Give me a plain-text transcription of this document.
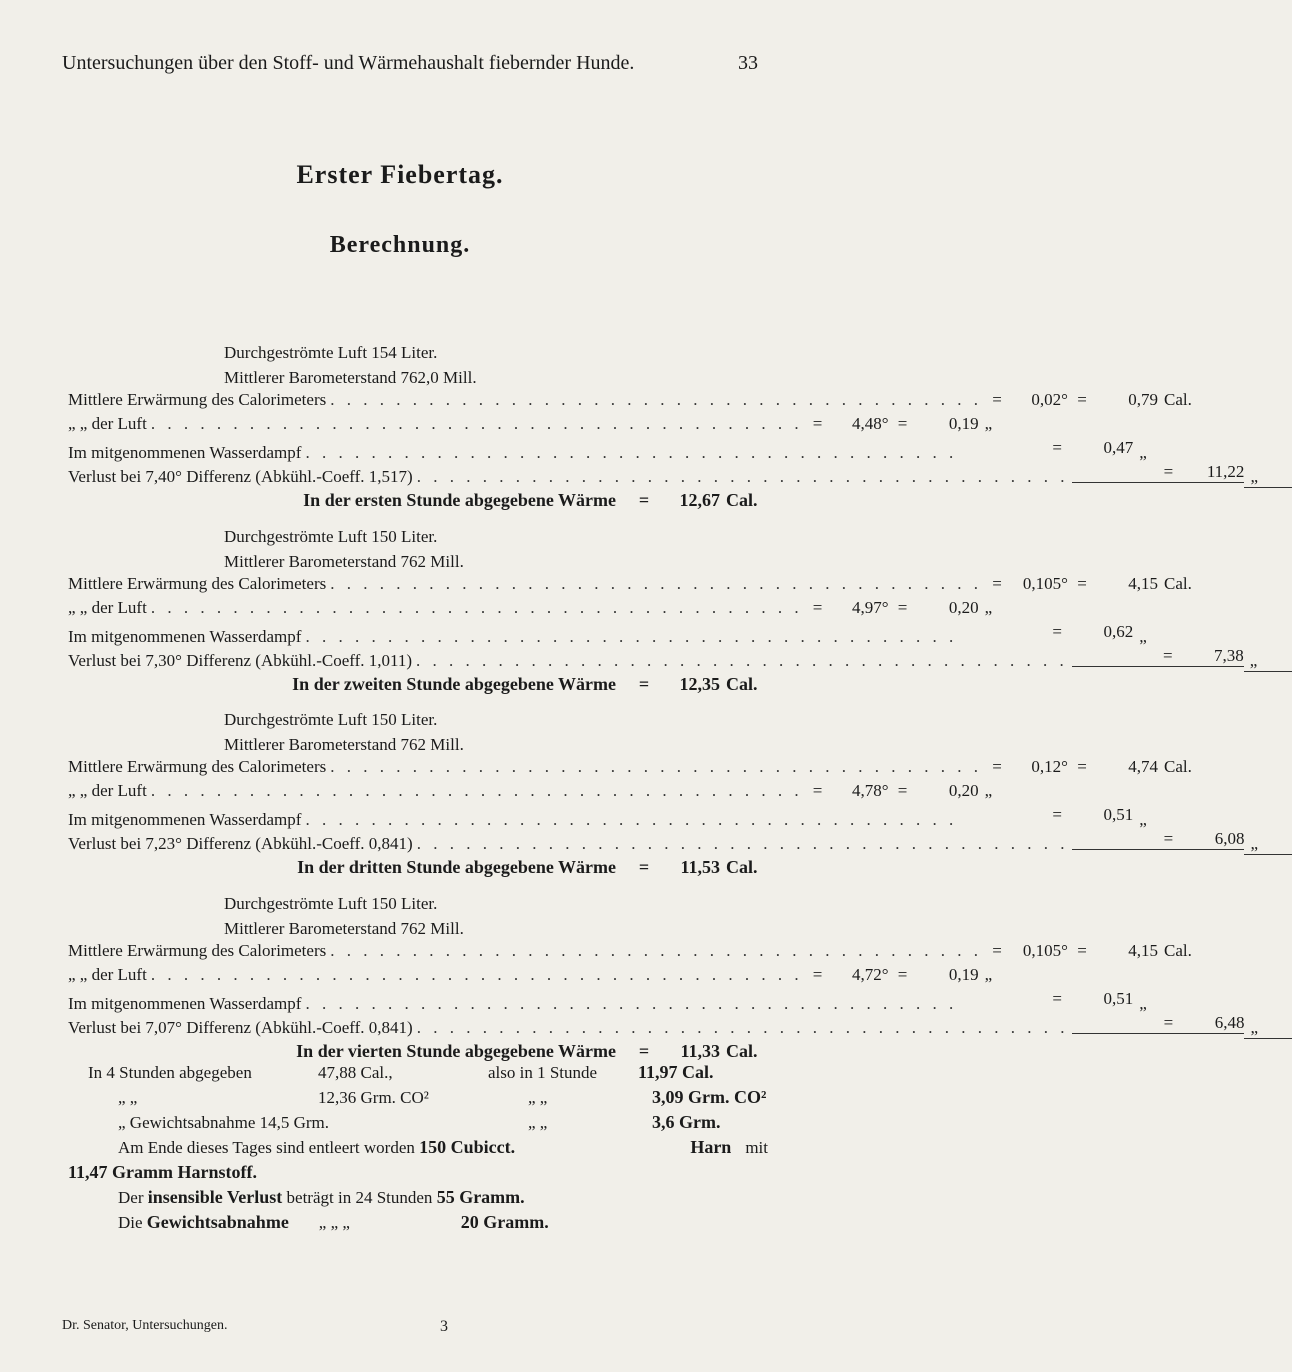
Untersuchungen über den Stoff- und Wärmehaushalt fiebernder Hunde.	33
Erster Fiebertag.
Berechnung.
Durchgeströmte Luft 154 Liter.
Mittlerer Barometerstand 762,0 Mill.
Mittlere Erwärmung des Calorimeters . . . . . . . . . . . . . . . . . . . . . . . . . . . . . . . . . . . . . . . . =	0,02° =	0,79 Cal.
„ „ der Luft . . . . . . . . . . . . . . . . . . . . . . . . . . . . . . . . . . . . . . . . =	4,48° =	0,19 „
Im mitgenommenen Wasserdampf . . . . . . . . . . . . . . . . . . . . . . . . . . . . . . . . . . . . . . . .	=	0,47 „
Verlust bei 7,40° Differenz (Abkühl.-Coeff. 1,517) . . . . . . . . . . . . . . . . . . . . . . . . . . . . . . . . . . . . . . . .	=	11,22 „
In der ersten Stunde abgegebene Wärme	=	12,67 Cal.
Durchgeströmte Luft 150 Liter.
Mittlerer Barometerstand 762 Mill.
Mittlere Erwärmung des Calorimeters . . . . . . . . . . . . . . . . . . . . . . . . . . . . . . . . . . . . . . . . =	0,105° =	4,15 Cal.
„ „ der Luft . . . . . . . . . . . . . . . . . . . . . . . . . . . . . . . . . . . . . . . . =	4,97° =	0,20 „
Im mitgenommenen Wasserdampf . . . . . . . . . . . . . . . . . . . . . . . . . . . . . . . . . . . . . . . .	=	0,62 „
Verlust bei 7,30° Differenz (Abkühl.-Coeff. 1,011) . . . . . . . . . . . . . . . . . . . . . . . . . . . . . . . . . . . . . . . .	=	7,38 „
In der zweiten Stunde abgegebene Wärme	=	12,35 Cal.
Durchgeströmte Luft 150 Liter.
Mittlerer Barometerstand 762 Mill.
Mittlere Erwärmung des Calorimeters . . . . . . . . . . . . . . . . . . . . . . . . . . . . . . . . . . . . . . . . =	0,12° =	4,74 Cal.
„ „ der Luft . . . . . . . . . . . . . . . . . . . . . . . . . . . . . . . . . . . . . . . . =	4,78° =	0,20 „
Im mitgenommenen Wasserdampf . . . . . . . . . . . . . . . . . . . . . . . . . . . . . . . . . . . . . . . .	=	0,51 „
Verlust bei 7,23° Differenz (Abkühl.-Coeff. 0,841) . . . . . . . . . . . . . . . . . . . . . . . . . . . . . . . . . . . . . . . .	=	6,08 „
In der dritten Stunde abgegebene Wärme	=	11,53 Cal.
Durchgeströmte Luft 150 Liter.
Mittlerer Barometerstand 762 Mill.
Mittlere Erwärmung des Calorimeters . . . . . . . . . . . . . . . . . . . . . . . . . . . . . . . . . . . . . . . . =	0,105° =	4,15 Cal.
„ „ der Luft . . . . . . . . . . . . . . . . . . . . . . . . . . . . . . . . . . . . . . . . =	4,72° =	0,19 „
Im mitgenommenen Wasserdampf . . . . . . . . . . . . . . . . . . . . . . . . . . . . . . . . . . . . . . . .	=	0,51 „
Verlust bei 7,07° Differenz (Abkühl.-Coeff. 0,841) . . . . . . . . . . . . . . . . . . . . . . . . . . . . . . . . . . . . . . . .	=	6,48 „
In der vierten Stunde abgegebene Wärme	=	11,33 Cal.
In 4 Stunden abgegeben	47,88 Cal.,	also in 1 Stunde	11,97 Cal.
„ „	12,36 Grm. CO²	„ „	3,09 Grm. CO²
„ Gewichtsabnahme 14,5 Grm.	„ „	3,6 Grm.
Am Ende dieses Tages sind entleert worden
150 Cubicct.
	Harn mit
11,47 Gramm Harnstoff.
Der
insensible Verlust
beträgt in 24 Stunden
55 Gramm.
Die
Gewichtsabnahme	„ „ „	20 Gramm.
Dr. Senator, Untersuchungen.	3
